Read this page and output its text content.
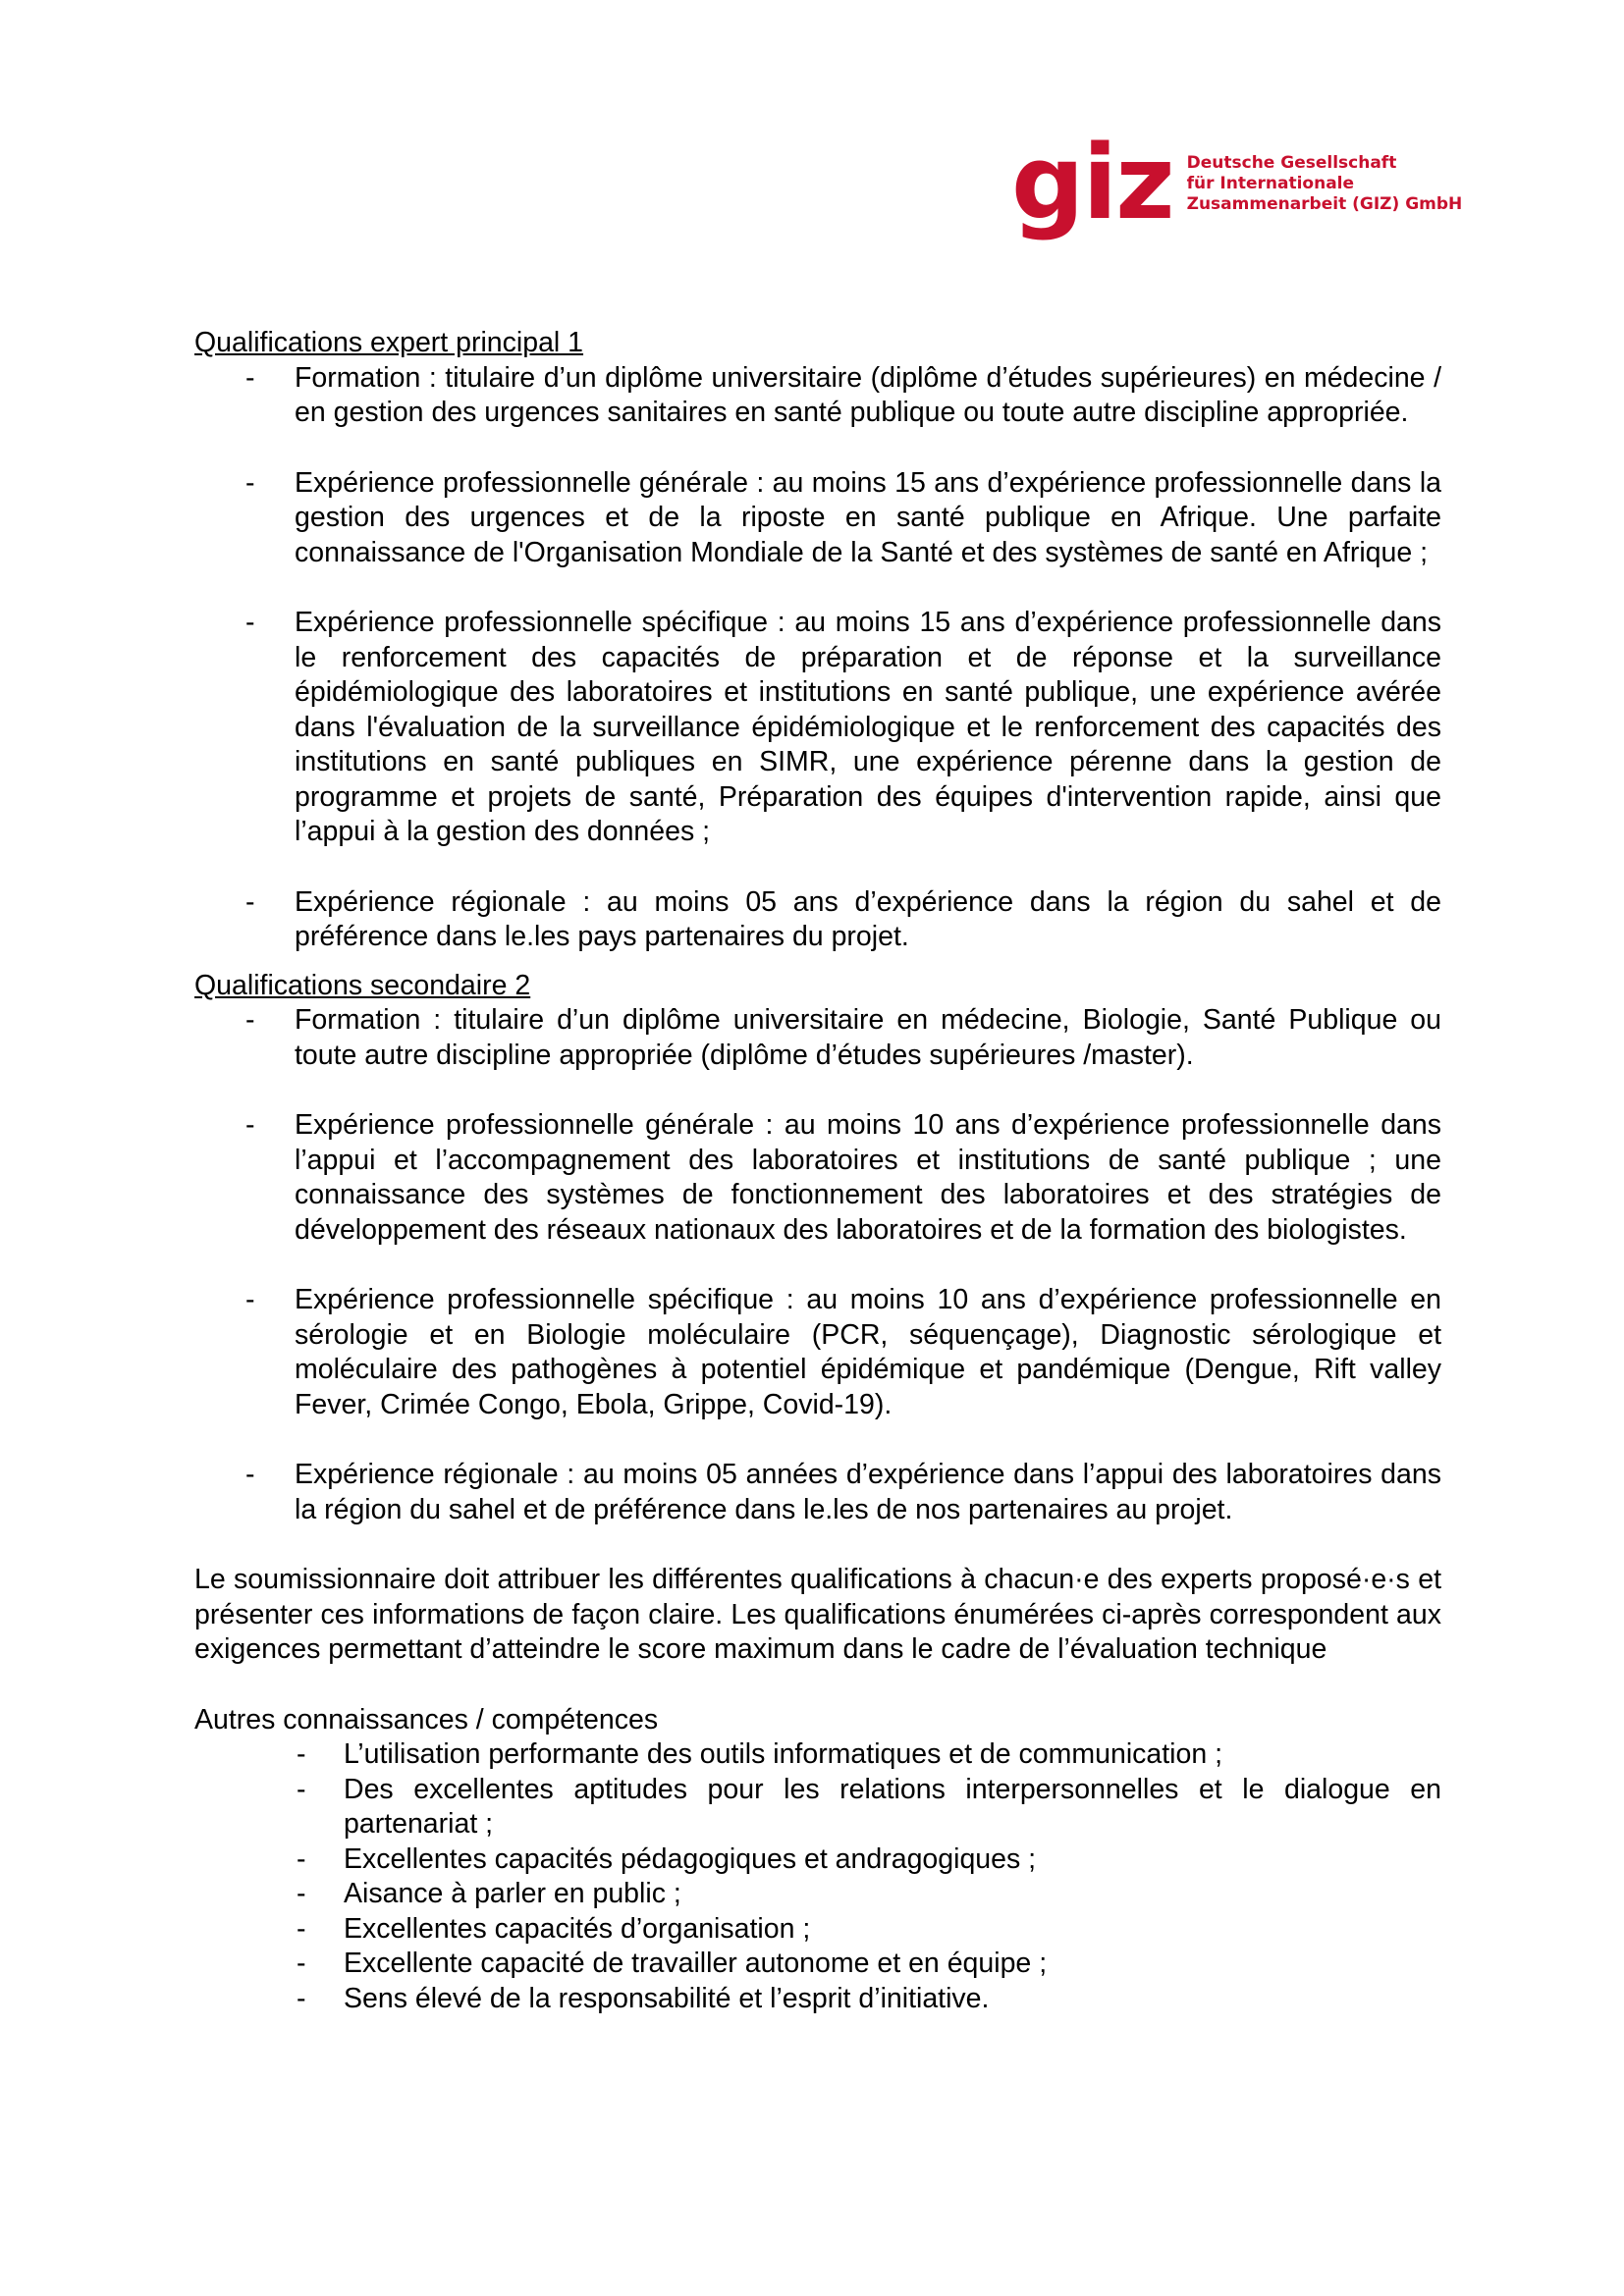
giz Deutsche Gesellschaft
für Internationale
Zusammenarbeit (GIZ) GmbH

Qualifications expert principal 1

- Formation : titulaire d’un diplôme universitaire (diplôme d’études supérieures) en médecine / en gestion des urgences sanitaires en santé publique ou toute autre discipline appropriée.
- Expérience professionnelle générale : au moins 15 ans d’expérience professionnelle dans la gestion des urgences et de la riposte en santé publique en Afrique. Une parfaite connaissance de l'Organisation Mondiale de la Santé et des systèmes de santé en Afrique ;
- Expérience professionnelle spécifique : au moins 15 ans d’expérience professionnelle dans le renforcement des capacités de préparation et de réponse et la surveillance épidémiologique des laboratoires et institutions en santé publique, une expérience avérée dans l'évaluation de la surveillance épidémiologique et le renforcement des capacités des institutions en santé publiques en SIMR, une expérience pérenne dans la gestion de programme et projets de santé, Préparation des équipes d'intervention rapide, ainsi que l’appui à la gestion des données ;
- Expérience régionale : au moins 05 ans d’expérience dans la région du sahel et de préférence dans le.les pays partenaires du projet.

Qualifications secondaire 2

- Formation : titulaire d’un diplôme universitaire en médecine, Biologie, Santé Publique ou toute autre discipline appropriée (diplôme d’études supérieures /master).
- Expérience professionnelle générale : au moins 10 ans d’expérience professionnelle dans l’appui et l’accompagnement des laboratoires et institutions de santé publique ; une connaissance des systèmes de fonctionnement des laboratoires et des stratégies de développement des réseaux nationaux des laboratoires et de la formation des biologistes.
- Expérience professionnelle spécifique : au moins 10 ans d’expérience professionnelle en sérologie et en Biologie moléculaire (PCR, séquençage), Diagnostic sérologique et moléculaire des pathogènes à potentiel épidémique et pandémique (Dengue, Rift valley Fever, Crimée Congo, Ebola, Grippe, Covid-19).
- Expérience régionale : au moins 05 années d’expérience dans l’appui des laboratoires dans la région du sahel et de préférence dans le.les de nos partenaires au projet.

Le soumissionnaire doit attribuer les différentes qualifications à chacun·e des experts proposé·e·s et présenter ces informations de façon claire. Les qualifications énumérées ci-après correspondent aux exigences permettant d’atteindre le score maximum dans le cadre de l’évaluation technique

Autres connaissances / compétences

- L’utilisation performante des outils informatiques et de communication ;
- Des excellentes aptitudes pour les relations interpersonnelles et le dialogue en partenariat ;
- Excellentes capacités pédagogiques et andragogiques ;
- Aisance à parler en public ;
- Excellentes capacités d’organisation ;
- Excellente capacité de travailler autonome et en équipe ;
- Sens élevé de la responsabilité et l’esprit d’initiative.
